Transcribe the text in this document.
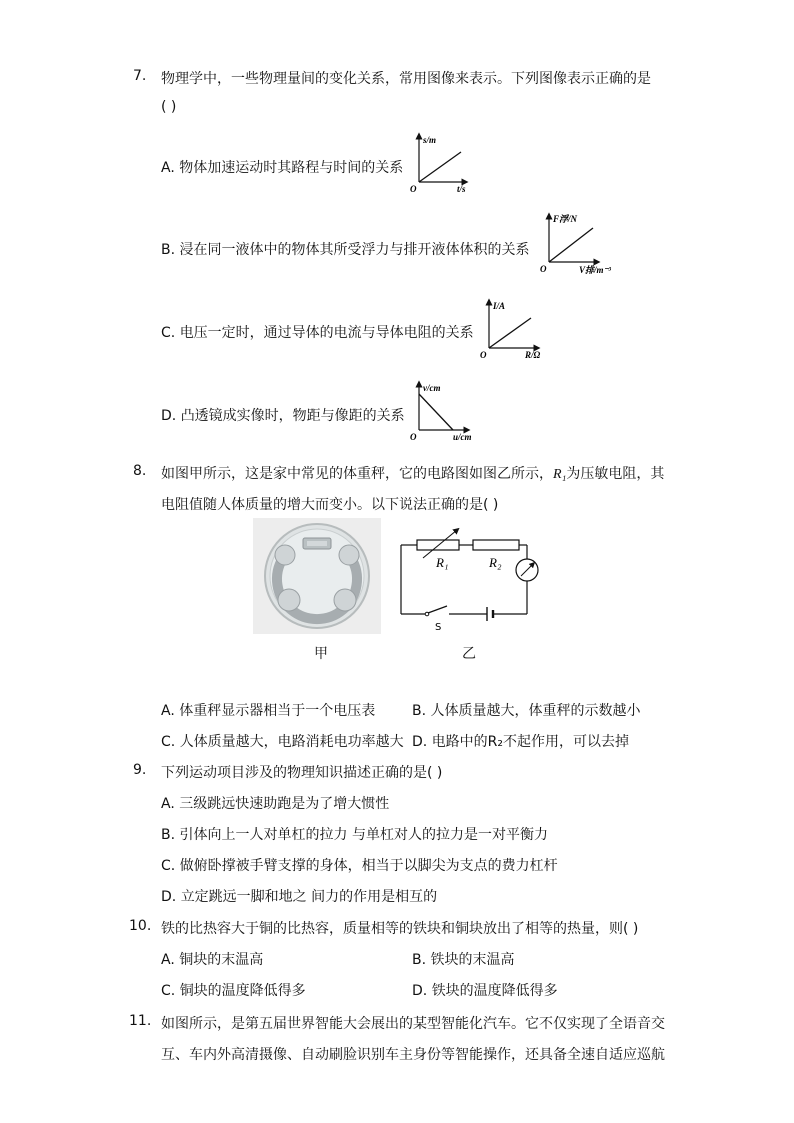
7. 物理学中，一些物理量间的变化关系，常用图像来表示。下列图像表示正确的是
( )
A. 物体加速运动时其路程与时间的关系
s/m
t/s
O
B. 浸在同一液体中的物体其所受浮力与排开液体体积的关系
F浮/N
V排/m⁻³
O
C. 电压一定时，通过导体的电流与导体电阻的关系
I/A
R/Ω
O
D. 凸透镜成实像时，物距与像距的关系
v/cm
u/cm
O
8. 如图甲所示，这是家中常见的体重秤，它的电路图如图乙所示，R₁为压敏电阻，其
电阻值随人体质量的增大而变小。以下说法正确的是( )
甲
R₁	R₂
S
乙
A. 体重秤显示器相当于一个电压表	B. 人体质量越大，体重秤的示数越小
C. 人体质量越大，电路消耗电功率越大 D. 电路中的R₂不起作用，可以去掉
9. 下列运动项目涉及的物理知识描述正确的是( )
A. 三级跳远快速助跑是为了增大惯性
B. 引体向上一人对单杠的拉力 与单杠对人的拉力是一对平衡力
C. 做俯卧撑被手臂支撑的身体，相当于以脚尖为支点的费力杠杆
D. 立定跳远一脚和地之 间力的作用是相互的
10. 铁的比热容大于铜的比热容，质量相等的铁块和铜块放出了相等的热量，则( )
A. 铜块的末温高	B. 铁块的末温高
C. 铜块的温度降低得多	D. 铁块的温度降低得多
11. 如图所示，是第五届世界智能大会展出的某型智能化汽车。它不仅实现了全语音交
互、车内外高清摄像、自动刷脸识别车主身份等智能操作，还具备全速自适应巡航
